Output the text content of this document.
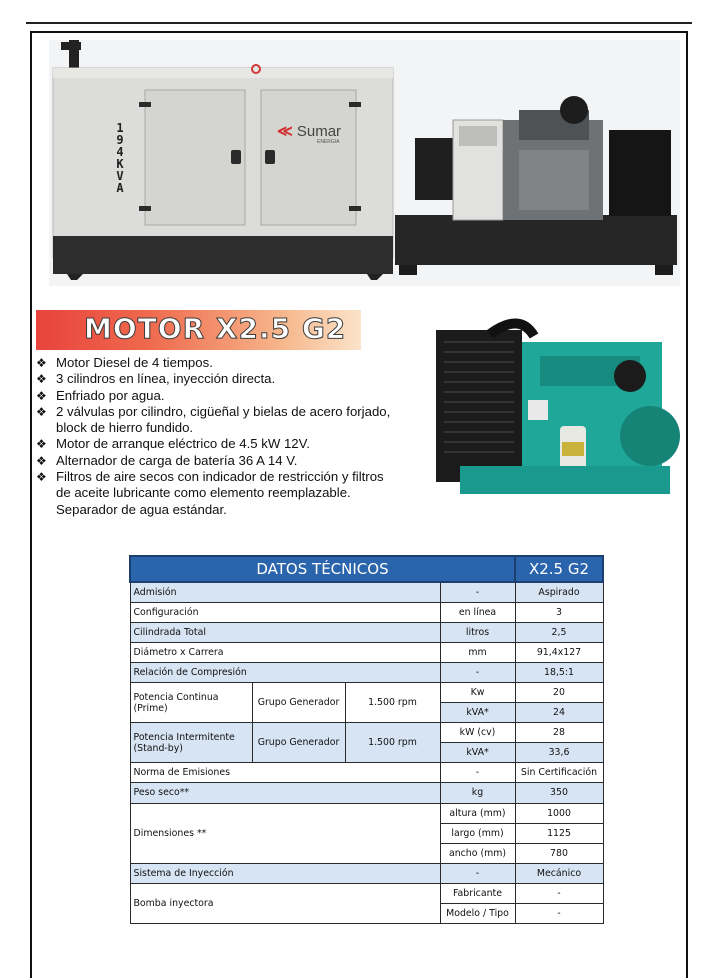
194KVA
≪ Sumar
ENERGIA
MOTOR X2.5 G2
❖ Motor Diesel de 4 tiempos.
❖ 3 cilindros en línea, inyección directa.
❖ Enfriado por agua.
❖ 2 válvulas por cilindro, cigüeñal y bielas de acero forjado, block de hierro fundido.
❖ Motor de arranque eléctrico de 4.5 kW 12V.
❖ Alternador de carga de batería 36 A 14 V.
❖ Filtros de aire secos con indicador de restricción y filtros de aceite lubricante como elemento reemplazable. Separador de agua estándar.
DATOS TÉCNICOS				X2.5 G2
Admisión			-	Aspirado
Configuración			en línea	3
Cilindrada Total			litros	2,5
Diámetro x Carrera			mm	91,4x127
Relación de Compresión			-	18,5:1
Potencia Continua (Prime)	Grupo Generador	1.500 rpm	Kw	20
			kVA*	24
Potencia Intermitente (Stand-by)	Grupo Generador	1.500 rpm	kW (cv)	28
			kVA*	33,6
Norma de Emisiones			-	Sin Certificación
Peso seco**			kg	350
Dimensiones **			altura (mm)	1000
			largo (mm)	1125
			ancho (mm)	780
Sistema de Inyección			-	Mecánico
Bomba inyectora			Fabricante	-
			Modelo / Tipo	-
